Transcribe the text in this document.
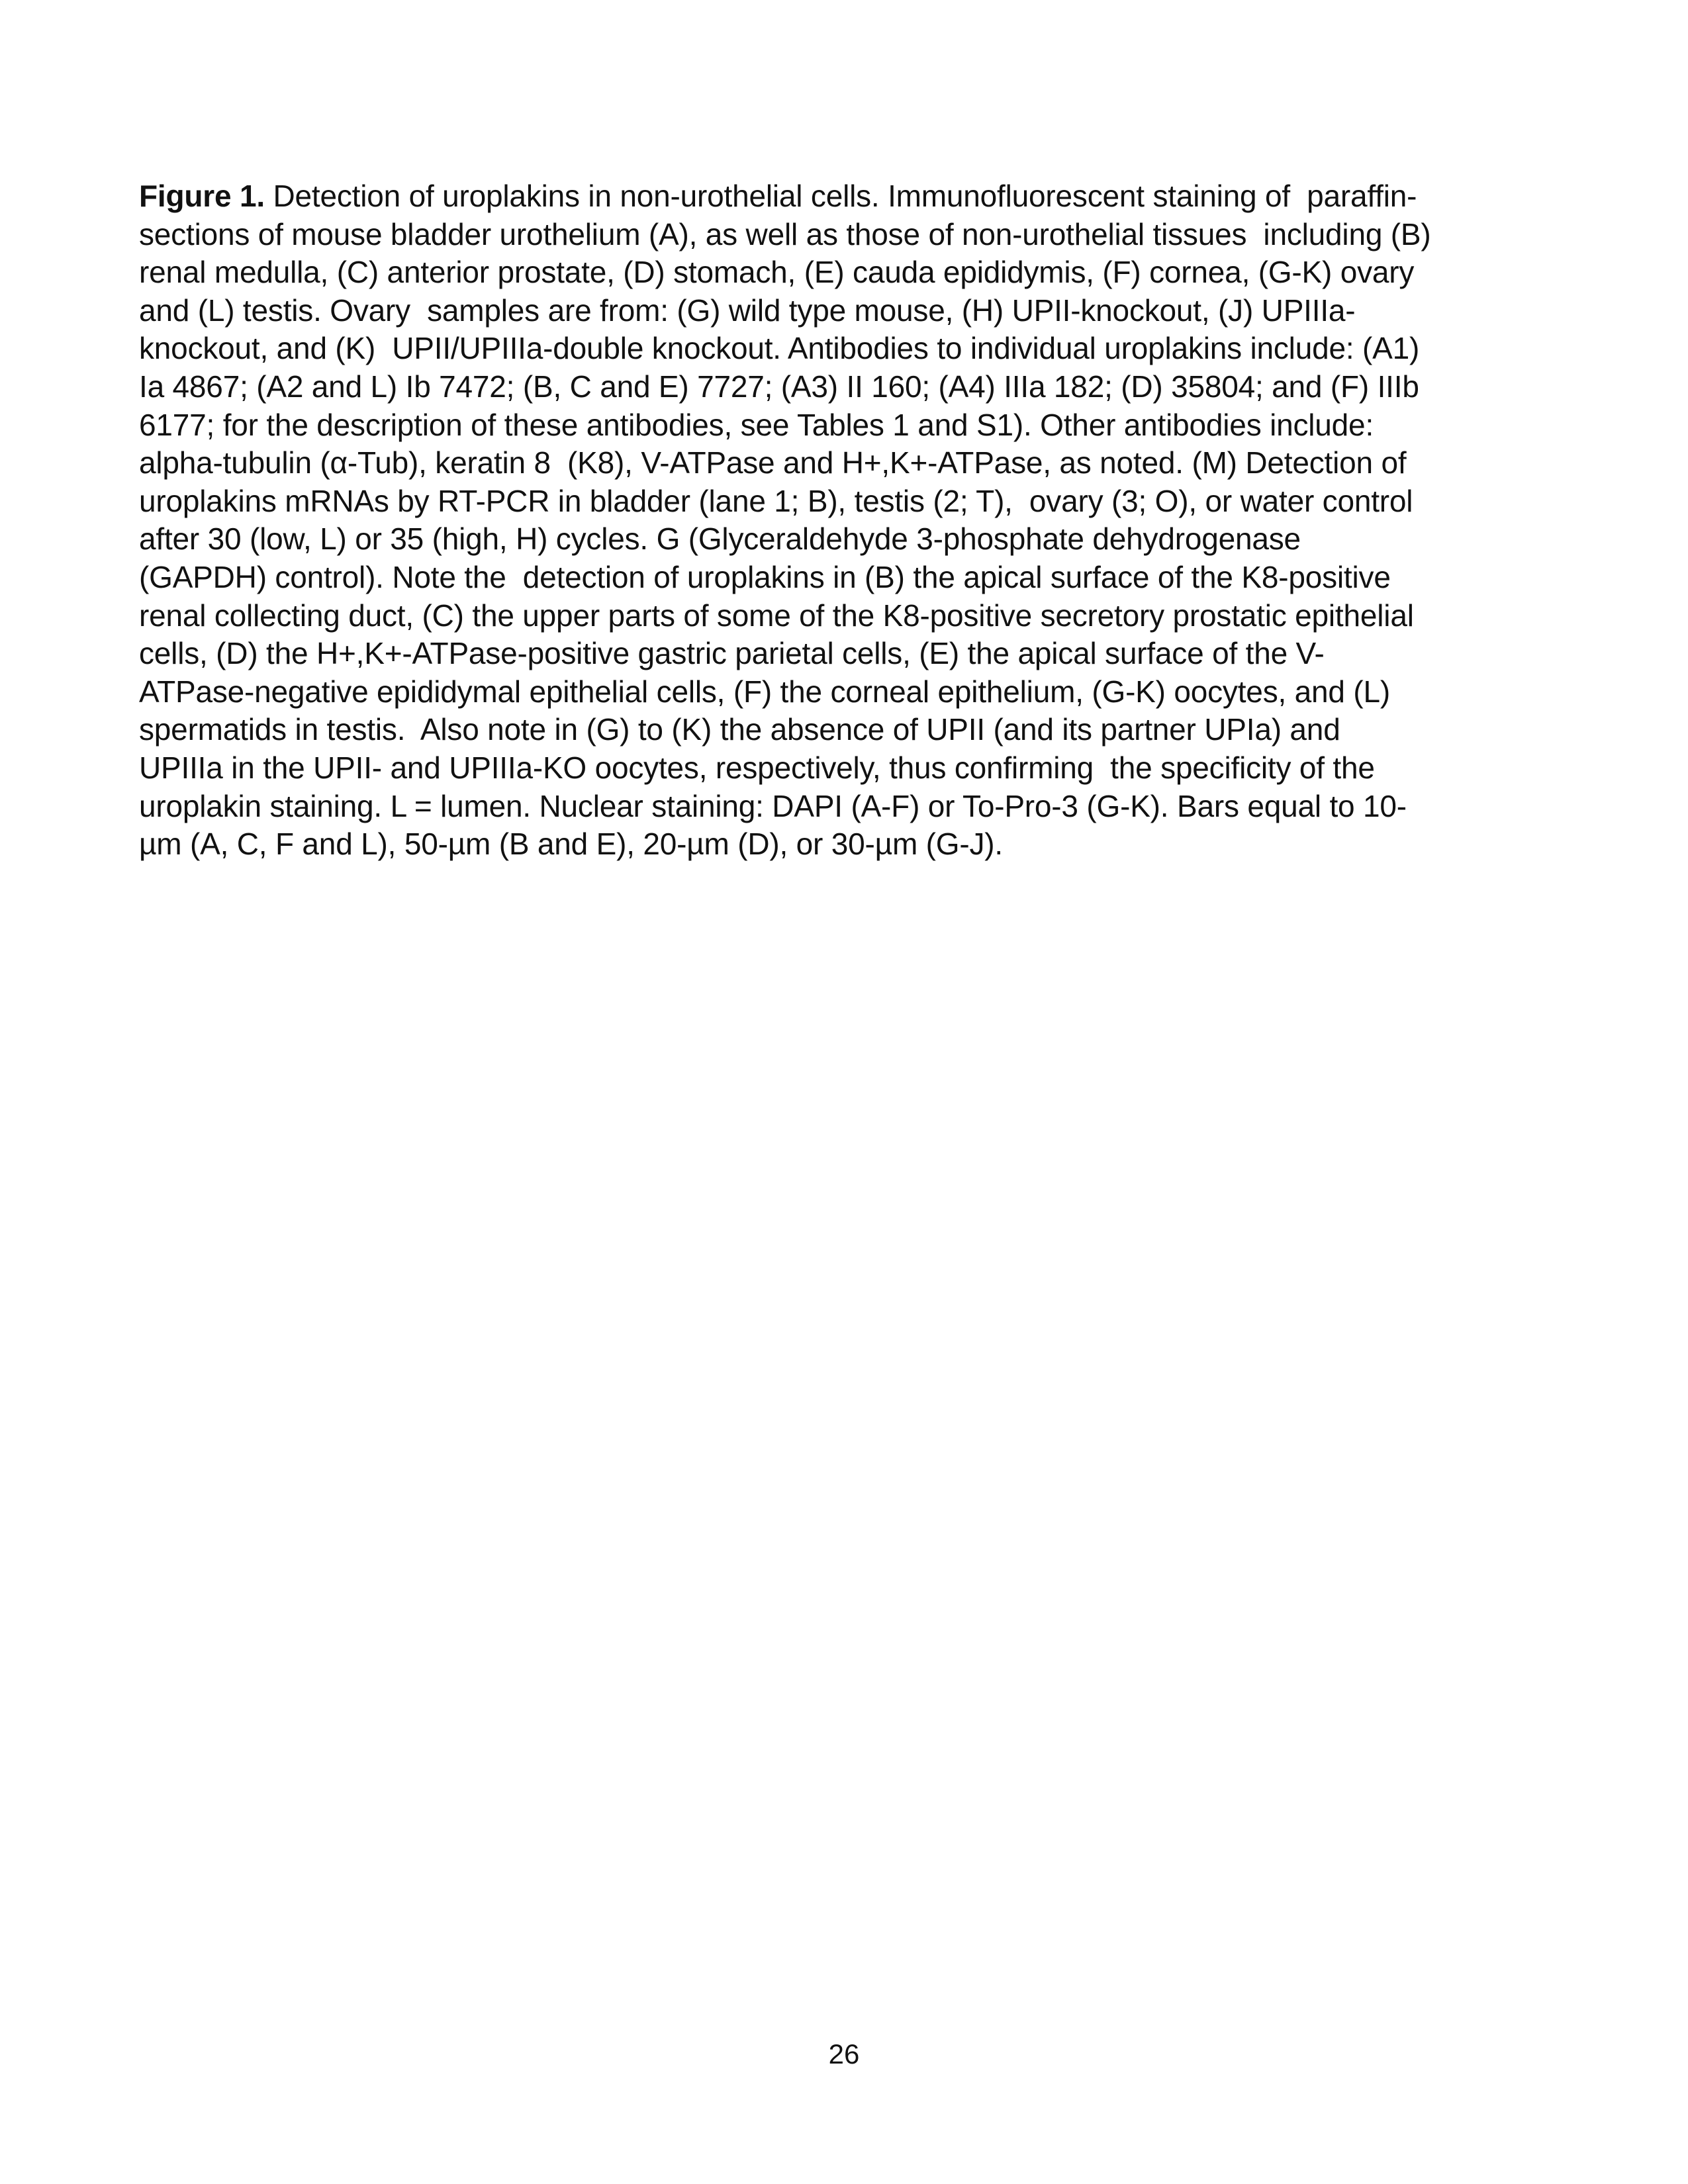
Figure 1. Detection of uroplakins in non-urothelial cells. Immunofluorescent staining of  paraffin-
sections of mouse bladder urothelium (A), as well as those of non-urothelial tissues  including (B)
renal medulla, (C) anterior prostate, (D) stomach, (E) cauda epididymis, (F) cornea, (G-K) ovary
and (L) testis. Ovary  samples are from: (G) wild type mouse, (H) UPII-knockout, (J) UPIIIa-
knockout, and (K)  UPII/UPIIIa-double knockout. Antibodies to individual uroplakins include: (A1)
Ia 4867; (A2 and L) Ib 7472; (B, C and E) 7727; (A3) II 160; (A4) IIIa 182; (D) 35804; and (F) IIIb
6177; for the description of these antibodies, see Tables 1 and S1). Other antibodies include:
alpha-tubulin (α-Tub), keratin 8  (K8), V-ATPase and H+,K+-ATPase, as noted. (M) Detection of
uroplakins mRNAs by RT-PCR in bladder (lane 1; B), testis (2; T),  ovary (3; O), or water control
after 30 (low, L) or 35 (high, H) cycles. G (Glyceraldehyde 3-phosphate dehydrogenase
(GAPDH) control). Note the  detection of uroplakins in (B) the apical surface of the K8-positive
renal collecting duct, (C) the upper parts of some of the K8-positive secretory prostatic epithelial
cells, (D) the H+,K+-ATPase-positive gastric parietal cells, (E) the apical surface of the V-
ATPase-negative epididymal epithelial cells, (F) the corneal epithelium, (G-K) oocytes, and (L)
spermatids in testis.  Also note in (G) to (K) the absence of UPII (and its partner UPIa) and
UPIIIa in the UPII- and UPIIIa-KO oocytes, respectively, thus confirming  the specificity of the
uroplakin staining. L = lumen. Nuclear staining: DAPI (A-F) or To-Pro-3 (G-K). Bars equal to 10-
µm (A, C, F and L), 50-µm (B and E), 20-µm (D), or 30-µm (G-J).
26
